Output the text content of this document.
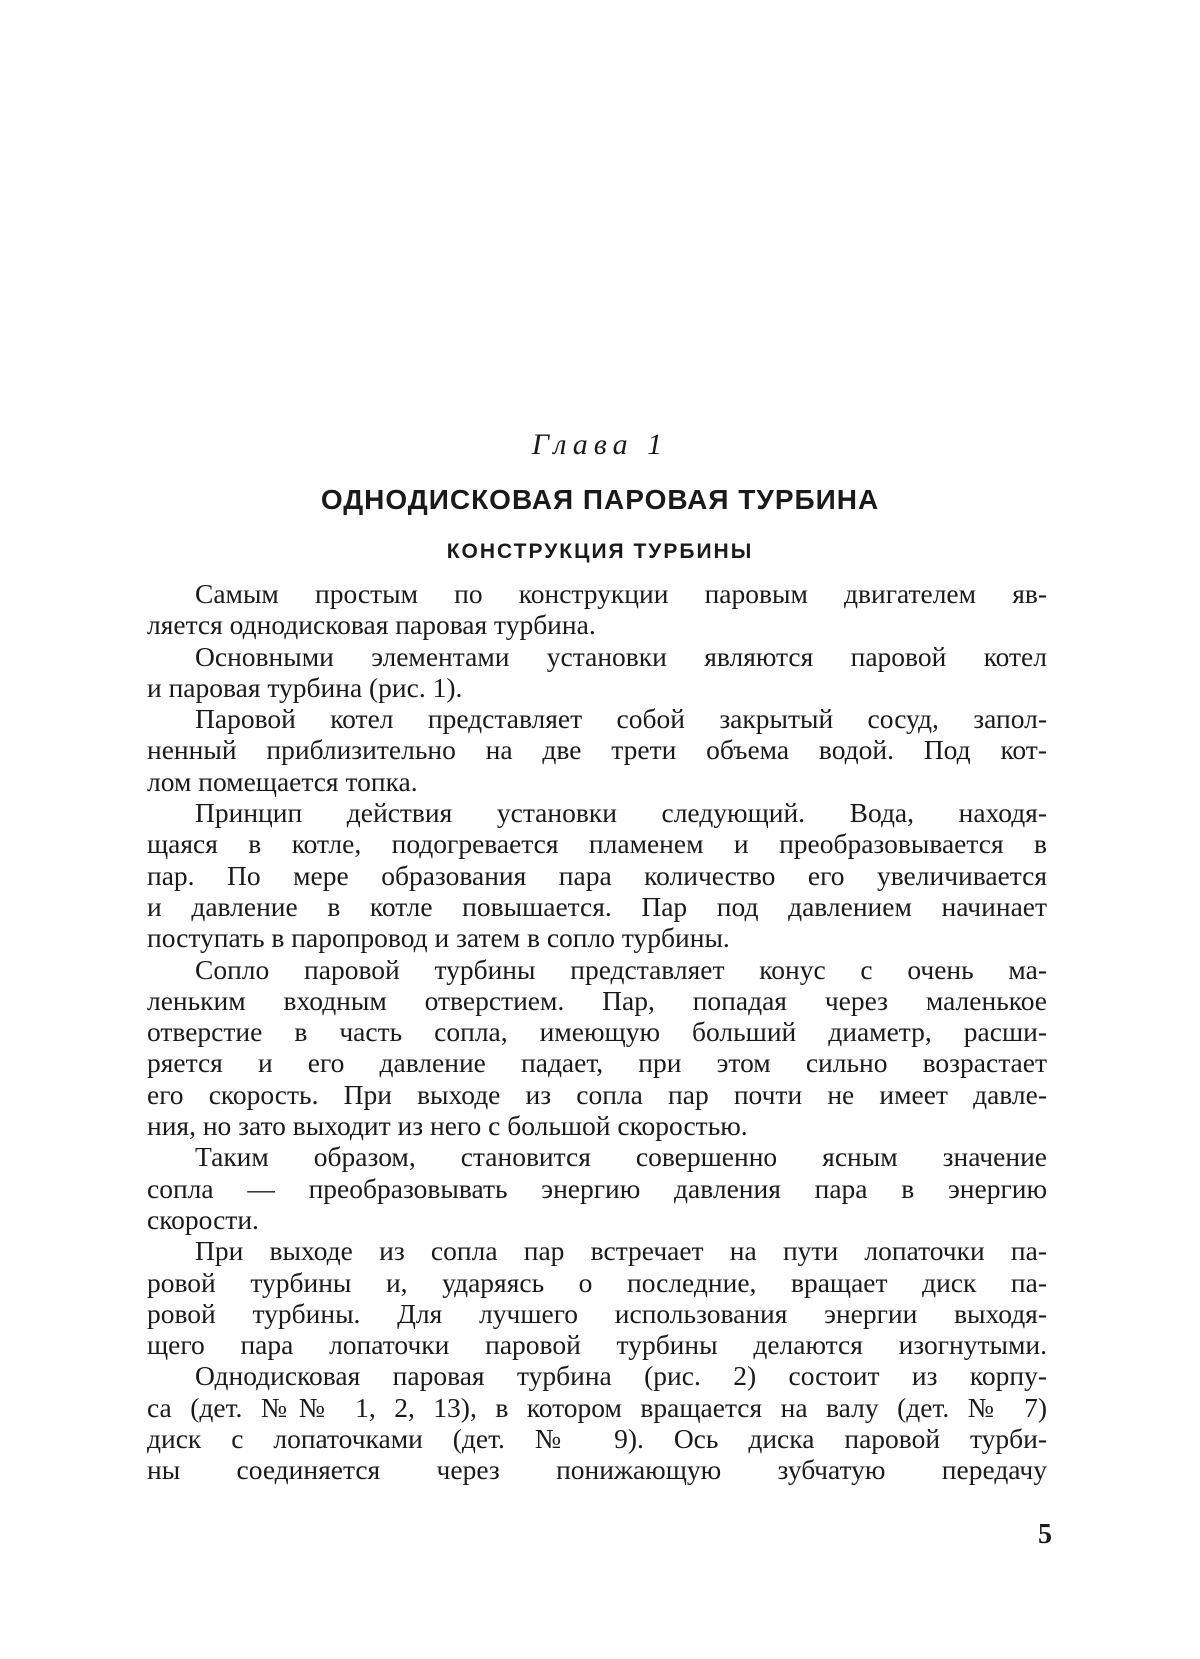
Глава 1
ОДНОДИСКОВАЯ ПАРОВАЯ ТУРБИНА
КОНСТРУКЦИЯ ТУРБИНЫ
Самым простым по конструкции паровым двигателем яв-
ляется однодисковая паровая турбина.
Основными элементами установки являются паровой котел
и паровая турбина (рис. 1).
Паровой котел представляет собой закрытый сосуд, запол-
ненный приблизительно на две трети объема водой. Под кот-
лом помещается топка.
Принцип действия установки следующий. Вода, находя-
щаяся в котле, подогревается пламенем и преобразовывается в
пар. По мере образования пара количество его увеличивается
и давление в котле повышается. Пар под давлением начинает
поступать в паропровод и затем в сопло турбины.
Сопло паровой турбины представляет конус с очень ма-
леньким входным отверстием. Пар, попадая через маленькое
отверстие в часть сопла, имеющую больший диаметр, расши-
ряется и его давление падает, при этом сильно возрастает
его скорость. При выходе из сопла пар почти не имеет давле-
ния, но зато выходит из него с большой скоростью.
Таким образом, становится совершенно ясным значение
сопла — преобразовывать энергию давления пара в энергию
скорости.
При выходе из сопла пар встречает на пути лопаточки па-
ровой турбины и, ударяясь о последние, вращает диск па-
ровой турбины. Для лучшего использования энергии выходя-
щего пара лопаточки паровой турбины делаются изогнутыми.
Однодисковая паровая турбина (рис. 2) состоит из корпу-
са (дет. №№ 1, 2, 13), в котором вращается на валу (дет. № 7)
диск с лопаточками (дет. № 9). Ось диска паровой турби-
ны соединяется через понижающую зубчатую передачу
5
